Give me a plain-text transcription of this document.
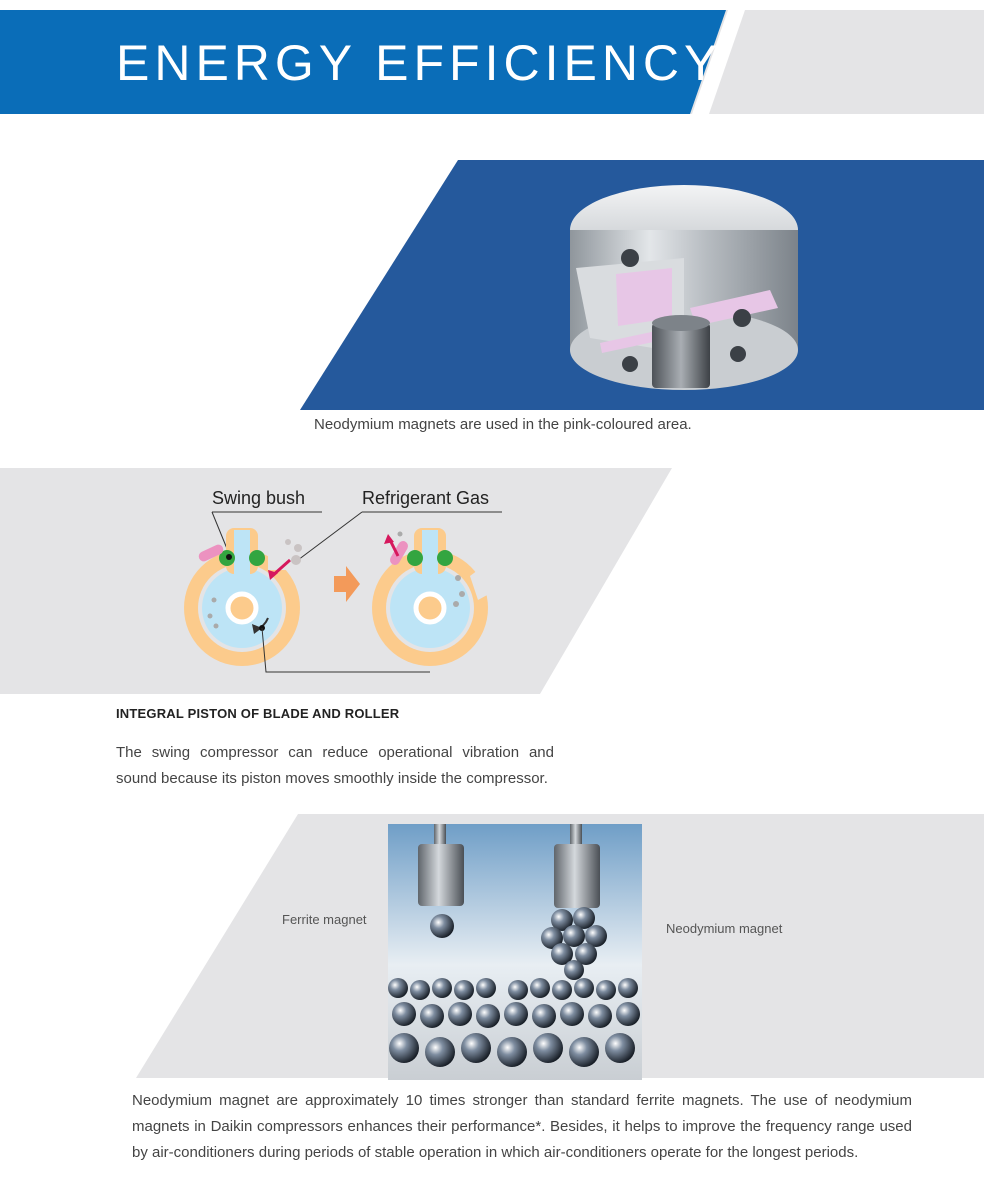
ENERGY EFFICIENCY
Neodymium magnets are used in the pink-coloured area.
Swing bush	Refrigerant Gas
INTEGRAL PISTON OF BLADE AND ROLLER
The swing compressor can reduce operational vibration and sound because its piston moves smoothly inside the compressor.
Ferrite magnet
Neodymium magnet
Neodymium magnet are approximately 10 times stronger than standard ferrite magnets. The use of neodymium magnets in Daikin compressors enhances their performance*. Besides, it helps to improve the frequency range used by air-conditioners during periods of stable operation in which air-conditioners operate for the longest periods.
